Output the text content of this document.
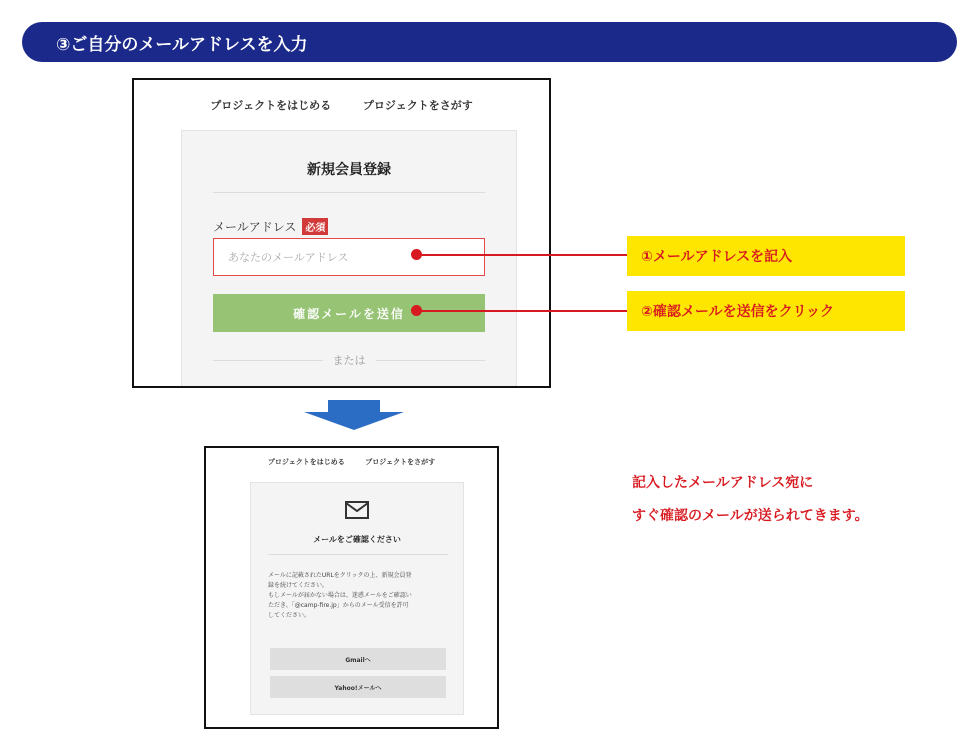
③ご自分のメールアドレスを入力
プロジェクトをはじめる	プロジェクトをさがす
新規会員登録
メールアドレス 必須
あなたのメールアドレス
確認メールを送信
または
①メールアドレスを記入
②確認メールを送信をクリック
プロジェクトをはじめる	プロジェクトをさがす
メールをご確認ください
メールに記載されたURLをクリックの上、新規会員登
録を続けてください。
もしメールが届かない場合は、迷惑メールをご確認い
ただき、「@camp-fire.jp」からのメール受信を許可
してください。
Gmailへ
Yahoo!メールへ
記入したメールアドレス宛に
すぐ確認のメールが送られてきます。
